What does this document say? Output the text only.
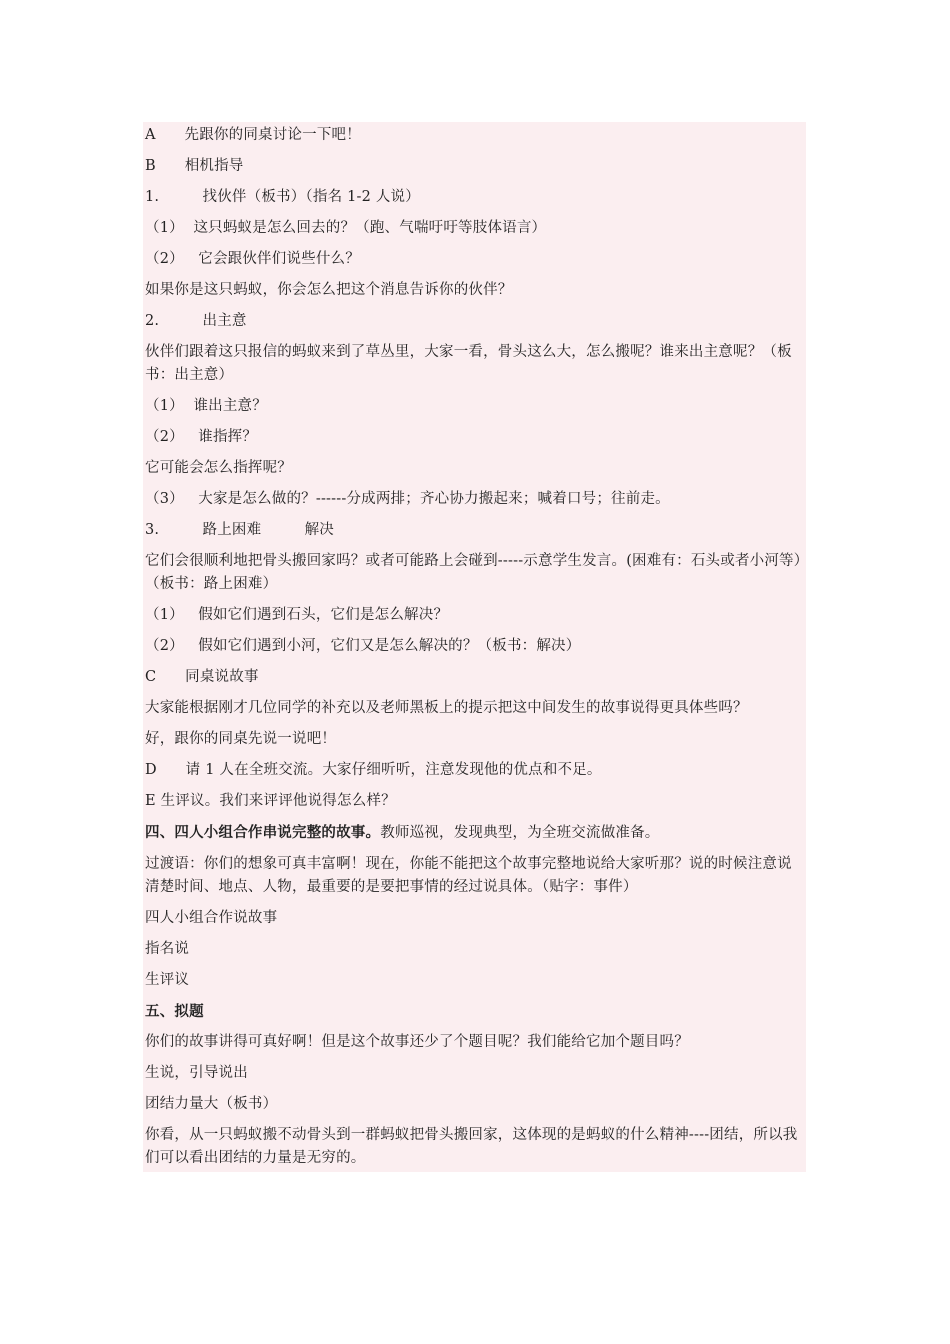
A      先跟你的同桌讨论一下吧！

B      相机指导

1.         找伙伴（板书）（指名 1-2 人说）

（1）  这只蚂蚁是怎么回去的？（跑、气喘吁吁等肢体语言）

（2）   它会跟伙伴们说些什么？

如果你是这只蚂蚁，你会怎么把这个消息告诉你的伙伴？

2.         出主意

伙伴们跟着这只报信的蚂蚁来到了草丛里，大家一看，骨头这么大，怎么搬呢？谁来出主意呢？（板书：出主意）

（1）  谁出主意？

（2）   谁指挥？

它可能会怎么指挥呢？

（3）   大家是怎么做的？------分成两排；齐心协力搬起来；喊着口号；往前走。

3.         路上困难         解决

它们会很顺利地把骨头搬回家吗？或者可能路上会碰到-----示意学生发言。(困难有：石头或者小河等）（板书：路上困难）

（1）   假如它们遇到石头，它们是怎么解决？

（2）   假如它们遇到小河，它们又是怎么解决的？（板书：解决）

C      同桌说故事

大家能根据刚才几位同学的补充以及老师黑板上的提示把这中间发生的故事说得更具体些吗？

好，跟你的同桌先说一说吧！

D      请 1 人在全班交流。大家仔细听听，注意发现他的优点和不足。

E 生评议。我们来评评他说得怎么样？

四、四人小组合作串说完整的故事。教师巡视，发现典型，为全班交流做准备。

过渡语：你们的想象可真丰富啊！现在，你能不能把这个故事完整地说给大家听那？说的时候注意说清楚时间、地点、人物，最重要的是要把事情的经过说具体。（贴字：事件）

四人小组合作说故事

指名说

生评议

五、拟题

你们的故事讲得可真好啊！但是这个故事还少了个题目呢？我们能给它加个题目吗？

生说，引导说出

团结力量大（板书）

你看，从一只蚂蚁搬不动骨头到一群蚂蚁把骨头搬回家，这体现的是蚂蚁的什么精神----团结，所以我们可以看出团结的力量是无穷的。
